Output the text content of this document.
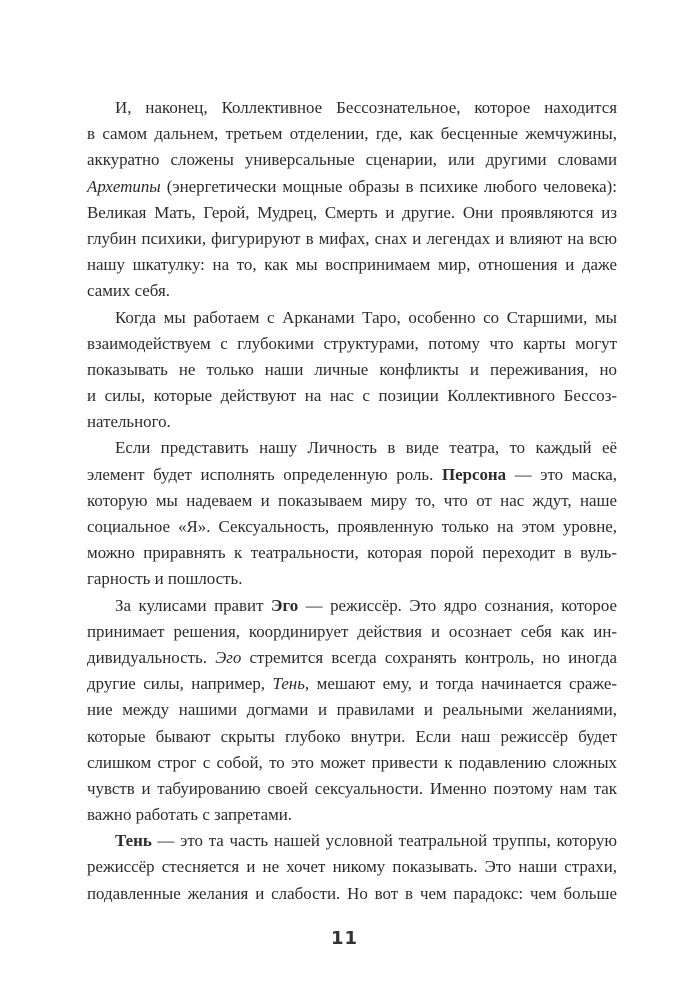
И, наконец, Коллективное Бессознательное, которое находится
в самом дальнем, третьем отделении, где, как бесценные жемчужины,
аккуратно сложены универсальные сценарии, или другими словами
Архетипы (энергетически мощные образы в психике любого человека):
Великая Мать, Герой, Мудрец, Смерть и другие. Они проявляются из
глубин психики, фигурируют в мифах, снах и легендах и влияют на всю
нашу шкатулку: на то, как мы воспринимаем мир, отношения и даже
самих себя.
Когда мы работаем с Арканами Таро, особенно со Старшими, мы
взаимодействуем с глубокими структурами, потому что карты могут
показывать не только наши личные конфликты и переживания, но
и силы, которые действуют на нас с позиции Коллективного Бессоз-
нательного.
Если представить нашу Личность в виде театра, то каждый её
элемент будет исполнять определенную роль. Персона — это маска,
которую мы надеваем и показываем миру то, что от нас ждут, наше
социальное «Я». Сексуальность, проявленную только на этом уровне,
можно приравнять к театральности, которая порой переходит в вуль-
гарность и пошлость.
За кулисами правит Эго — режиссёр. Это ядро сознания, которое
принимает решения, координирует действия и осознает себя как ин-
дивидуальность. Эго стремится всегда сохранять контроль, но иногда
другие силы, например, Тень, мешают ему, и тогда начинается сраже-
ние между нашими догмами и правилами и реальными желаниями,
которые бывают скрыты глубоко внутри. Если наш режиссёр будет
слишком строг с собой, то это может привести к подавлению сложных
чувств и табуированию своей сексуальности. Именно поэтому нам так
важно работать с запретами.
Тень — это та часть нашей условной театральной труппы, которую
режиссёр стесняется и не хочет никому показывать. Это наши страхи,
подавленные желания и слабости. Но вот в чем парадокс: чем больше
11
